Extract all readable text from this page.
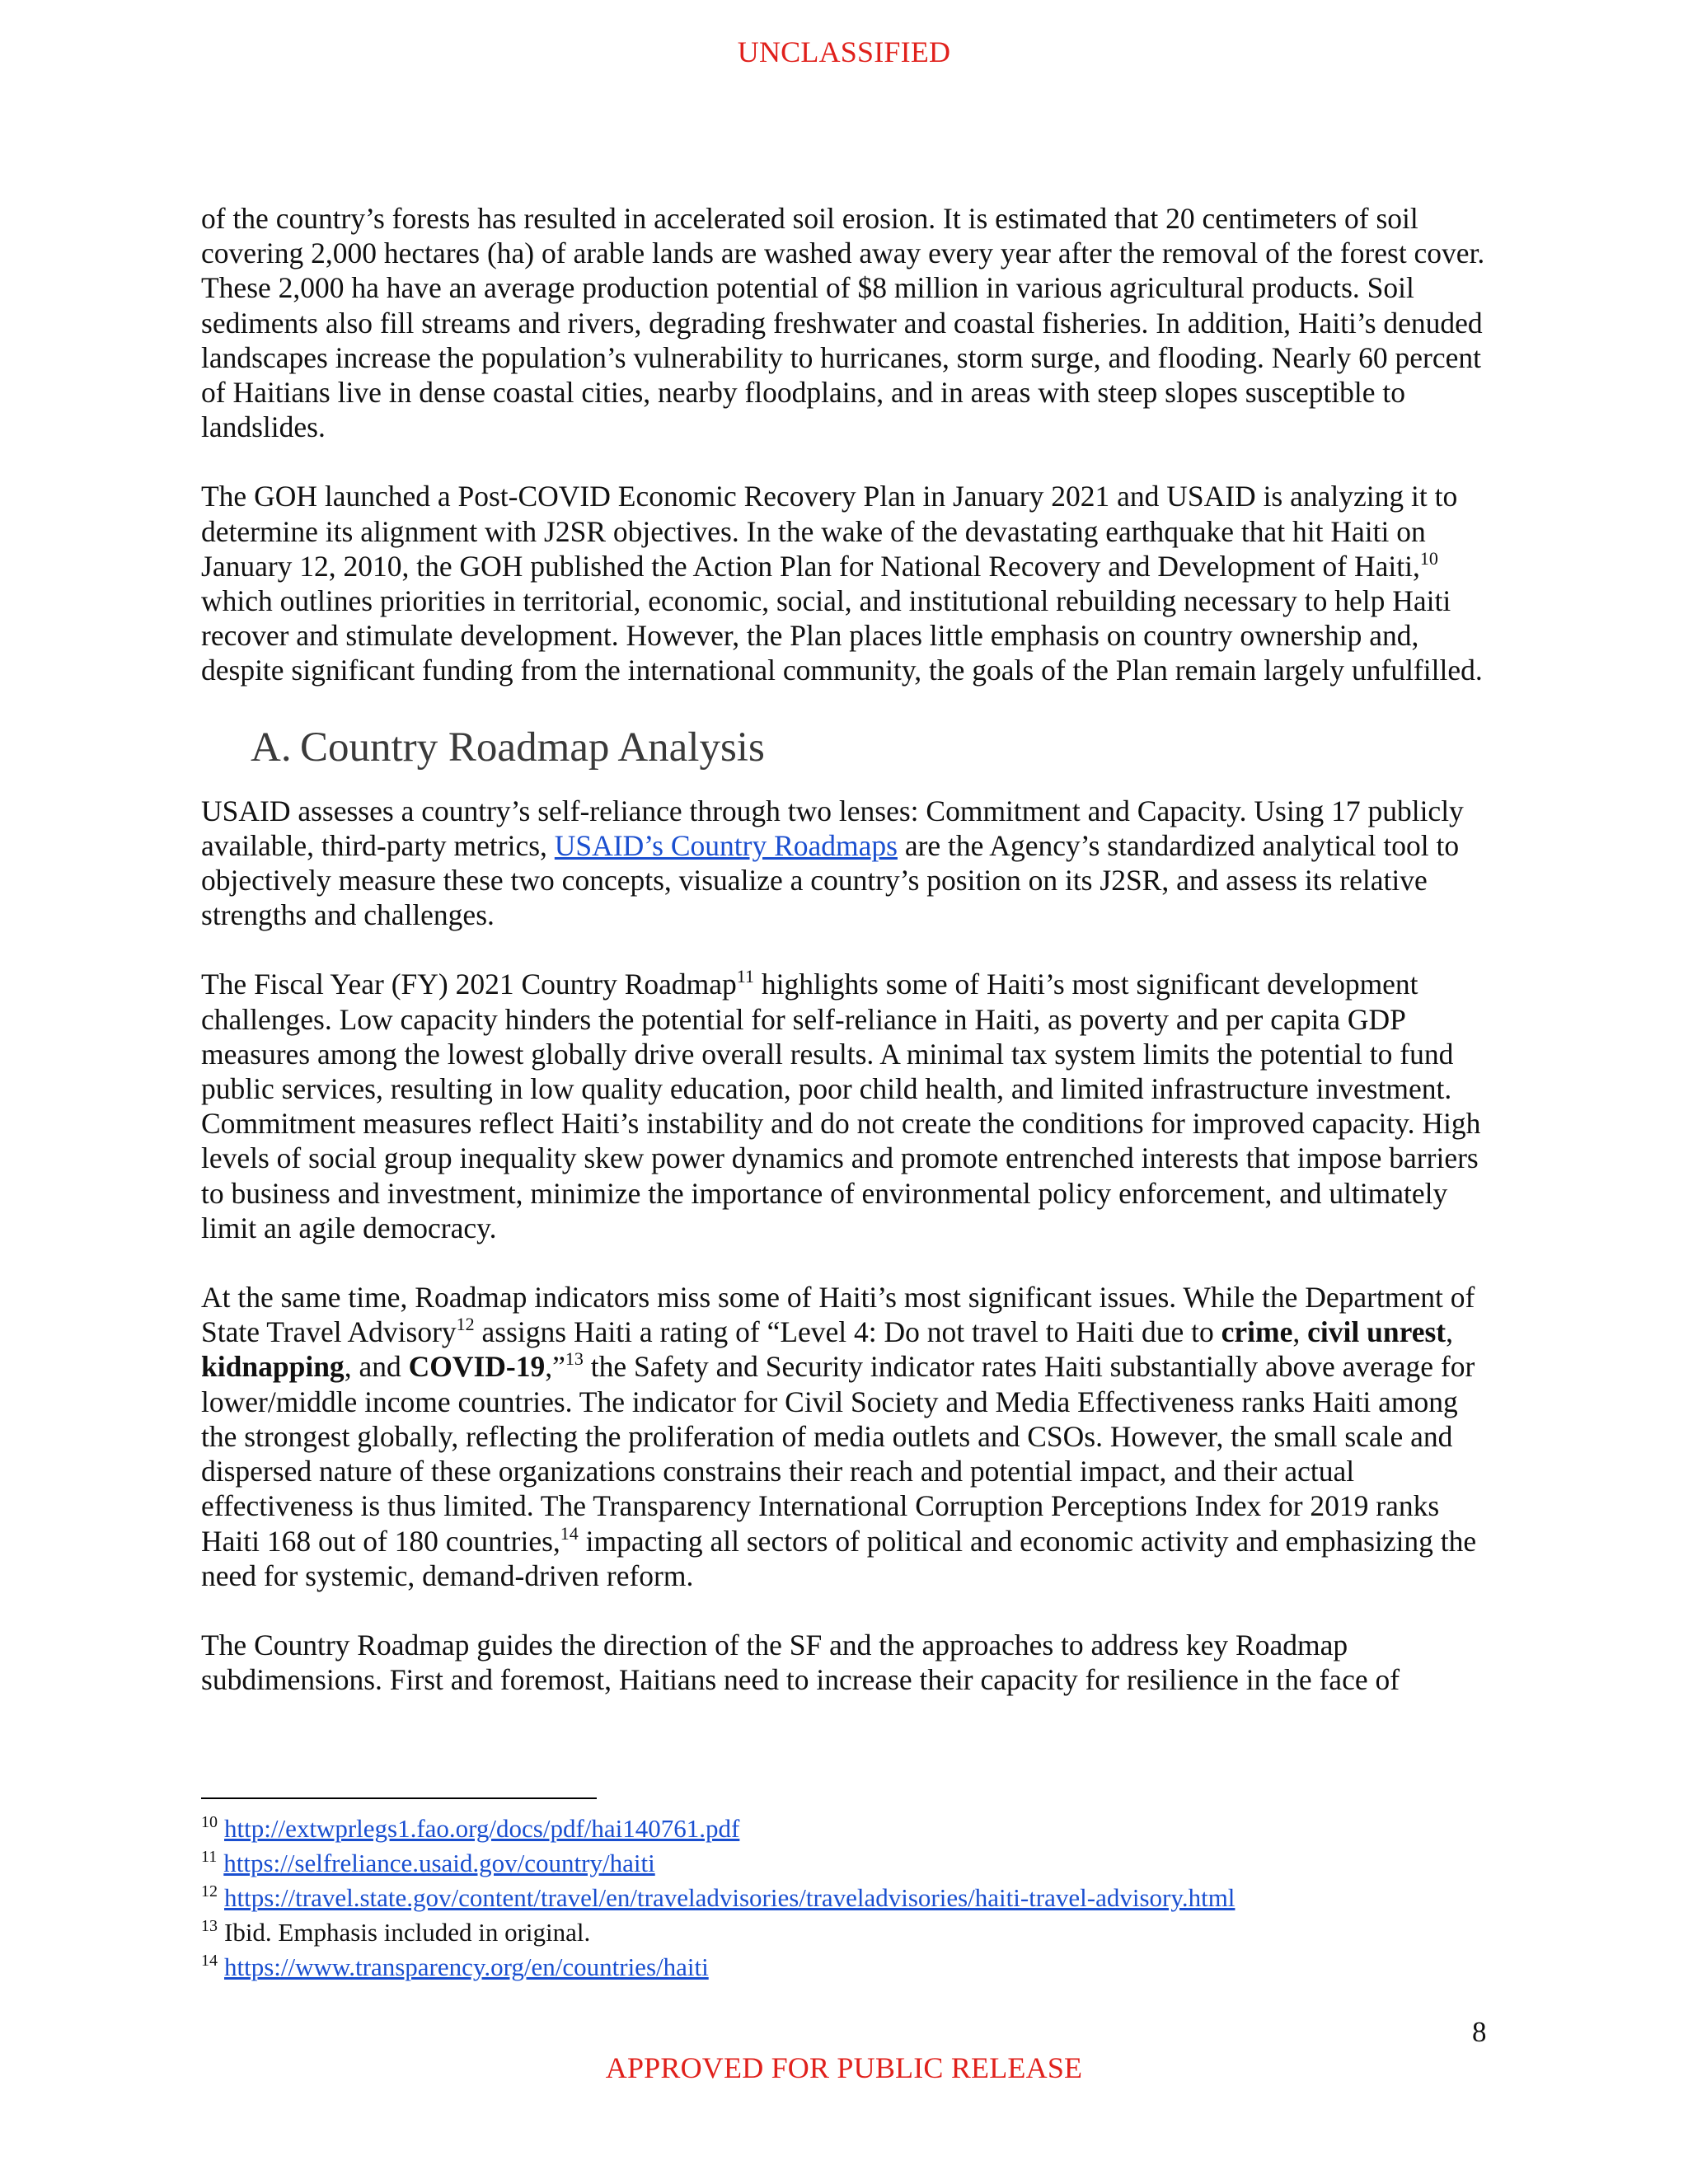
UNCLASSIFIED

of the country’s forests has resulted in accelerated soil erosion. It is estimated that 20 centimeters of soil covering 2,000 hectares (ha) of arable lands are washed away every year after the removal of the forest cover. These 2,000 ha have an average production potential of $8 million in various agricultural products. Soil sediments also fill streams and rivers, degrading freshwater and coastal fisheries. In addition, Haiti’s denuded landscapes increase the population’s vulnerability to hurricanes, storm surge, and flooding. Nearly 60 percent of Haitians live in dense coastal cities, nearby floodplains, and in areas with steep slopes susceptible to landslides.

The GOH launched a Post-COVID Economic Recovery Plan in January 2021 and USAID is analyzing it to determine its alignment with J2SR objectives. In the wake of the devastating earthquake that hit Haiti on January 12, 2010, the GOH published the Action Plan for National Recovery and Development of Haiti,$^{10}$ which outlines priorities in territorial, economic, social, and institutional rebuilding necessary to help Haiti recover and stimulate development. However, the Plan places little emphasis on country ownership and, despite significant funding from the international community, the goals of the Plan remain largely unfulfilled.

A. Country Roadmap Analysis

USAID assesses a country’s self-reliance through two lenses: Commitment and Capacity. Using 17 publicly available, third-party metrics, USAID’s Country Roadmaps are the Agency’s standardized analytical tool to objectively measure these two concepts, visualize a country’s position on its J2SR, and assess its relative strengths and challenges.

The Fiscal Year (FY) 2021 Country Roadmap$^{11}$ highlights some of Haiti’s most significant development challenges. Low capacity hinders the potential for self-reliance in Haiti, as poverty and per capita GDP measures among the lowest globally drive overall results. A minimal tax system limits the potential to fund public services, resulting in low quality education, poor child health, and limited infrastructure investment. Commitment measures reflect Haiti’s instability and do not create the conditions for improved capacity. High levels of social group inequality skew power dynamics and promote entrenched interests that impose barriers to business and investment, minimize the importance of environmental policy enforcement, and ultimately limit an agile democracy.

At the same time, Roadmap indicators miss some of Haiti’s most significant issues. While the Department of State Travel Advisory$^{12}$ assigns Haiti a rating of “Level 4: Do not travel to Haiti due to crime, civil unrest, kidnapping, and COVID-19,”$^{13}$ the Safety and Security indicator rates Haiti substantially above average for lower/middle income countries. The indicator for Civil Society and Media Effectiveness ranks Haiti among the strongest globally, reflecting the proliferation of media outlets and CSOs. However, the small scale and dispersed nature of these organizations constrains their reach and potential impact, and their actual effectiveness is thus limited. The Transparency International Corruption Perceptions Index for 2019 ranks Haiti 168 out of 180 countries,$^{14}$ impacting all sectors of political and economic activity and emphasizing the need for systemic, demand-driven reform.

The Country Roadmap guides the direction of the SF and the approaches to address key Roadmap subdimensions. First and foremost, Haitians need to increase their capacity for resilience in the face of

$^{10}$ http://extwprlegs1.fao.org/docs/pdf/hai140761.pdf
$^{11}$ https://selfreliance.usaid.gov/country/haiti
$^{12}$ https://travel.state.gov/content/travel/en/traveladvisories/traveladvisories/haiti-travel-advisory.html
$^{13}$ Ibid. Emphasis included in original.
$^{14}$ https://www.transparency.org/en/countries/haiti
8
APPROVED FOR PUBLIC RELEASE
